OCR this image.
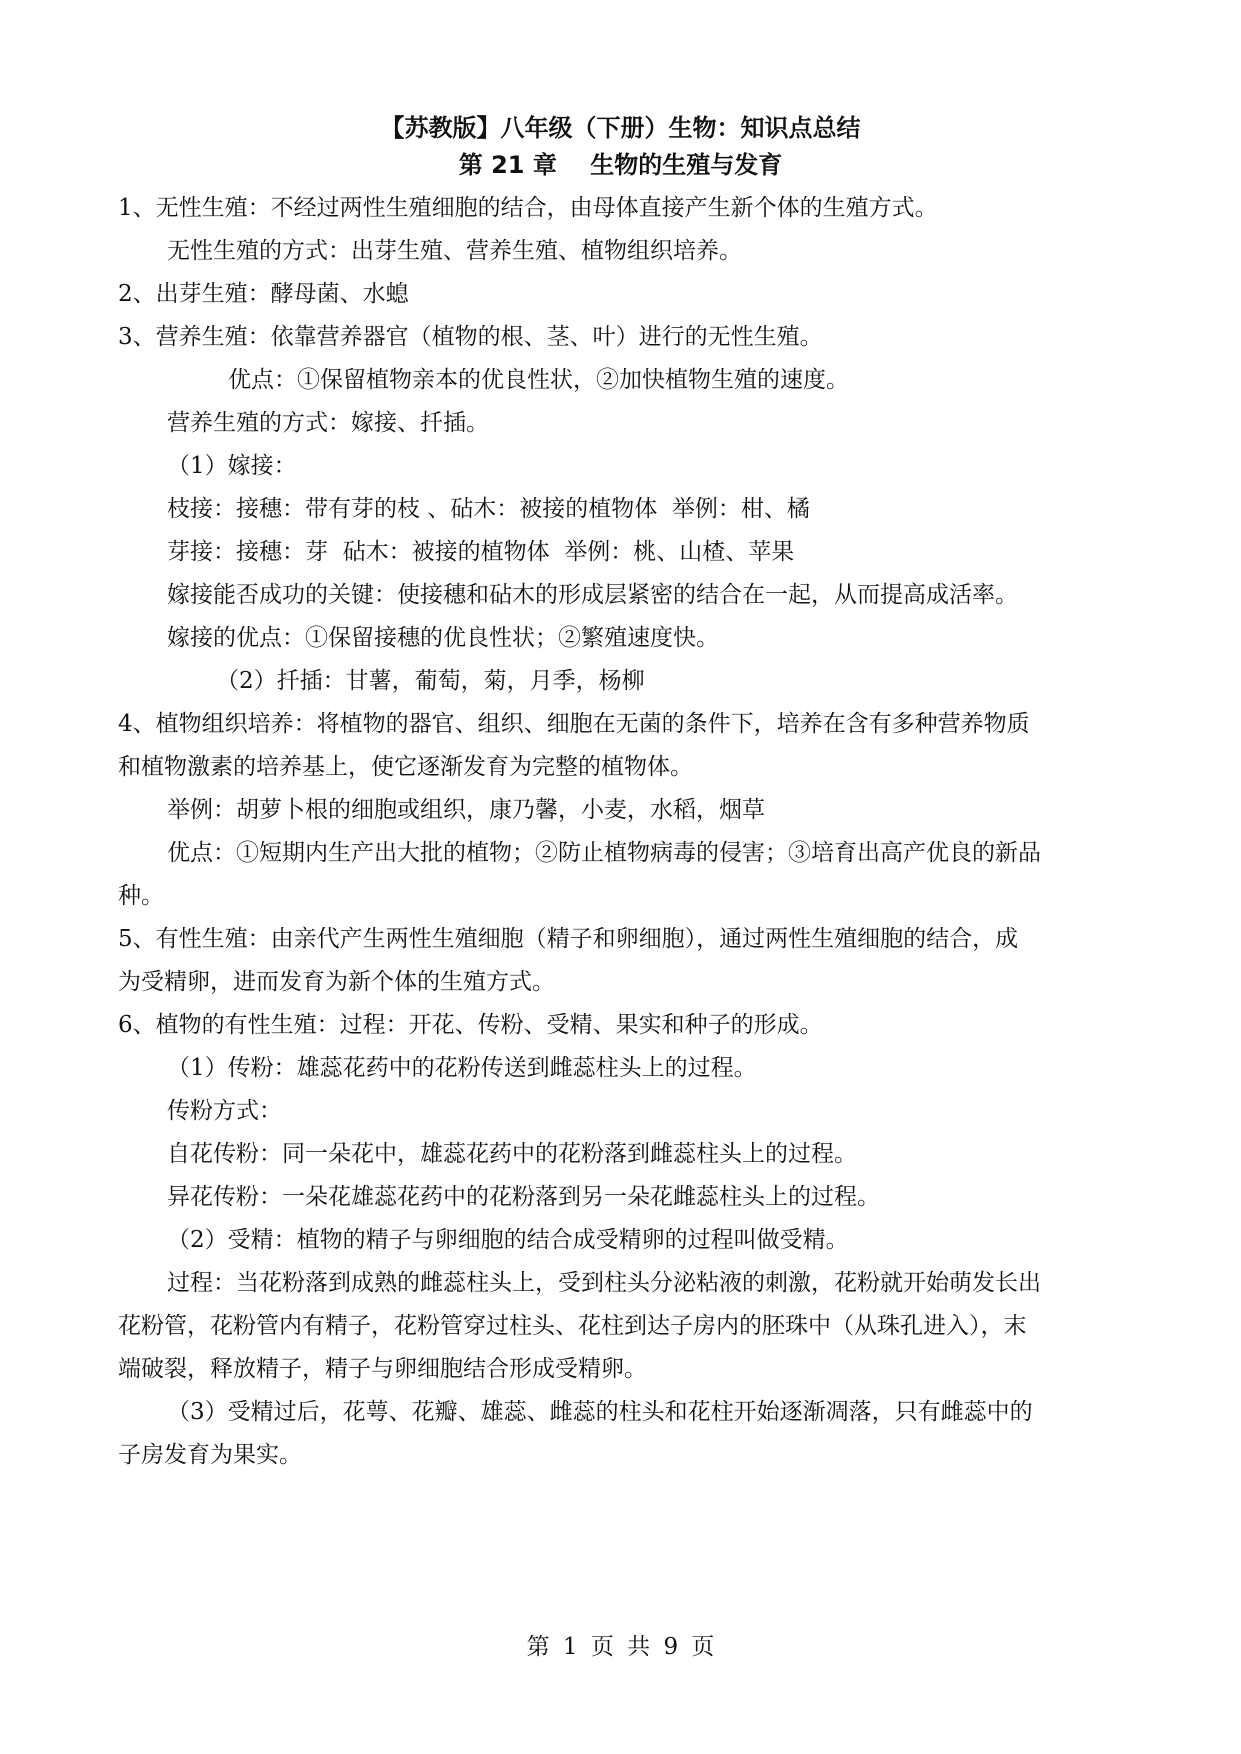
【苏教版】八年级（下册）生物：知识点总结
第 21 章    生物的生殖与发育
1、无性生殖：不经过两性生殖细胞的结合，由母体直接产生新个体的生殖方式。
无性生殖的方式：出芽生殖、营养生殖、植物组织培养。
2、出芽生殖：酵母菌、水螅
3、营养生殖：依靠营养器官（植物的根、茎、叶）进行的无性生殖。
优点：①保留植物亲本的优良性状，②加快植物生殖的速度。
营养生殖的方式：嫁接、扦插。
（1）嫁接：
枝接：接穗：带有芽的枝 、砧木：被接的植物体  举例：柑、橘
芽接：接穗：芽  砧木：被接的植物体  举例：桃、山楂、苹果
嫁接能否成功的关键：使接穗和砧木的形成层紧密的结合在一起，从而提高成活率。
嫁接的优点：①保留接穗的优良性状；②繁殖速度快。
（2）扦插：甘薯，葡萄，菊，月季，杨柳
4、植物组织培养：将植物的器官、组织、细胞在无菌的条件下，培养在含有多种营养物质
和植物激素的培养基上，使它逐渐发育为完整的植物体。
举例：胡萝卜根的细胞或组织，康乃馨，小麦，水稻，烟草
优点：①短期内生产出大批的植物；②防止植物病毒的侵害；③培育出高产优良的新品
种。
5、有性生殖：由亲代产生两性生殖细胞（精子和卵细胞），通过两性生殖细胞的结合，成
为受精卵，进而发育为新个体的生殖方式。
6、植物的有性生殖：过程：开花、传粉、受精、果实和种子的形成。
（1）传粉：雄蕊花药中的花粉传送到雌蕊柱头上的过程。
传粉方式：
自花传粉：同一朵花中，雄蕊花药中的花粉落到雌蕊柱头上的过程。
异花传粉：一朵花雄蕊花药中的花粉落到另一朵花雌蕊柱头上的过程。
（2）受精：植物的精子与卵细胞的结合成受精卵的过程叫做受精。
过程：当花粉落到成熟的雌蕊柱头上，受到柱头分泌粘液的刺激，花粉就开始萌发长出
花粉管，花粉管内有精子，花粉管穿过柱头、花柱到达子房内的胚珠中（从珠孔进入），末
端破裂，释放精子，精子与卵细胞结合形成受精卵。
（3）受精过后，花萼、花瓣、雄蕊、雌蕊的柱头和花柱开始逐渐凋落，只有雌蕊中的
子房发育为果实。
第 1 页 共 9 页
